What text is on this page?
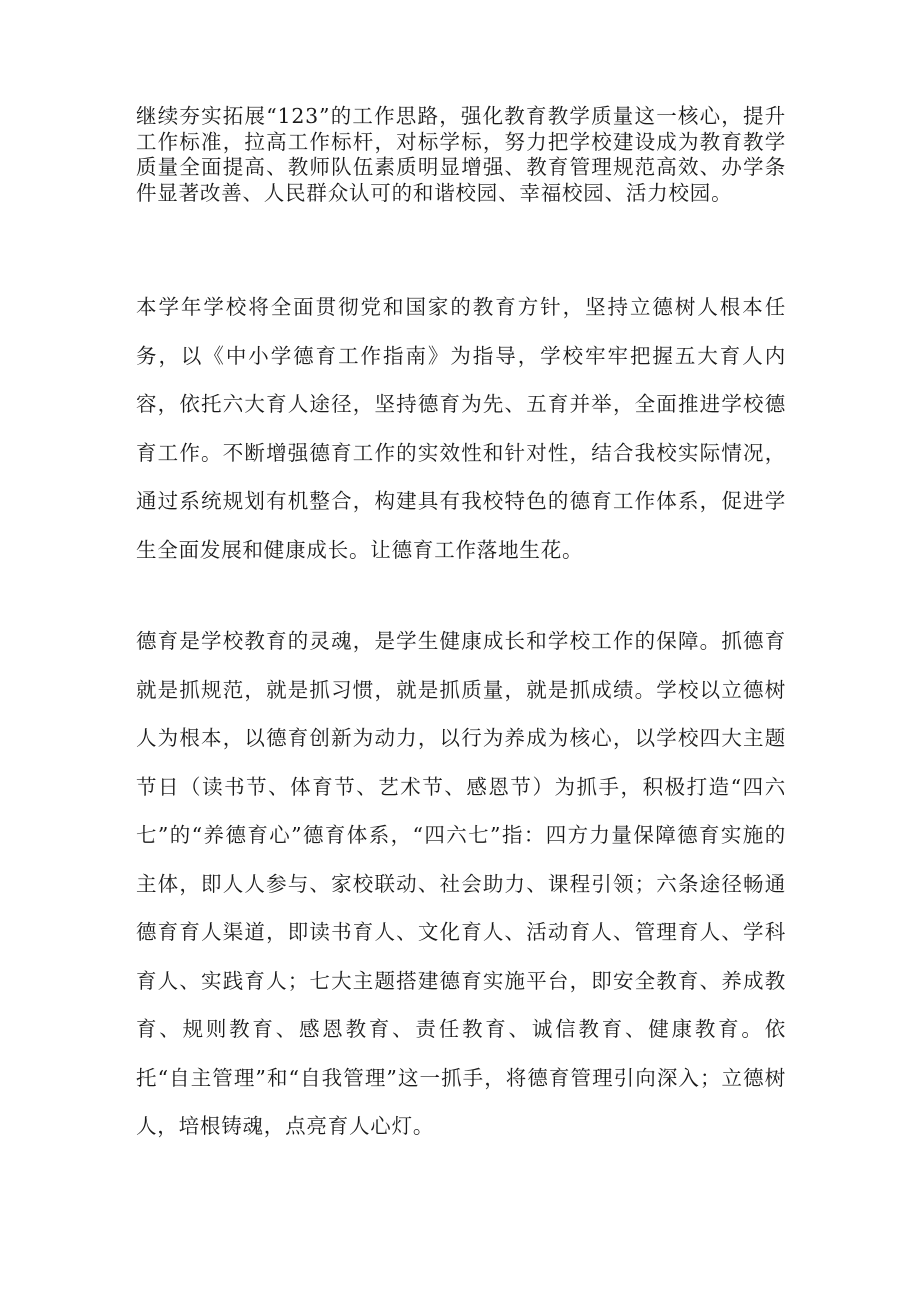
继续夯实拓展“123”的工作思路，强化教育教学质量这一核心，提升工作标准，拉高工作标杆，对标学标，努力把学校建设成为教育教学质量全面提高、教师队伍素质明显增强、教育管理规范高效、办学条件显著改善、人民群众认可的和谐校园、幸福校园、活力校园。

本学年学校将全面贯彻党和国家的教育方针，坚持立德树人根本任务，以《中小学德育工作指南》为指导，学校牢牢把握五大育人内容，依托六大育人途径，坚持德育为先、五育并举，全面推进学校德育工作。不断增强德育工作的实效性和针对性，结合我校实际情况，通过系统规划有机整合，构建具有我校特色的德育工作体系，促进学生全面发展和健康成长。让德育工作落地生花。

德育是学校教育的灵魂，是学生健康成长和学校工作的保障。抓德育就是抓规范，就是抓习惯，就是抓质量，就是抓成绩。学校以立德树人为根本，以德育创新为动力，以行为养成为核心，以学校四大主题节日（读书节、体育节、艺术节、感恩节）为抓手，积极打造“四六七”的“养德育心”德育体系，“四六七”指：四方力量保障德育实施的主体，即人人参与、家校联动、社会助力、课程引领；六条途径畅通德育育人渠道，即读书育人、文化育人、活动育人、管理育人、学科育人、实践育人；七大主题搭建德育实施平台，即安全教育、养成教育、规则教育、感恩教育、责任教育、诚信教育、健康教育。依托“自主管理”和“自我管理”这一抓手，将德育管理引向深入；立德树人，培根铸魂，点亮育人心灯。
